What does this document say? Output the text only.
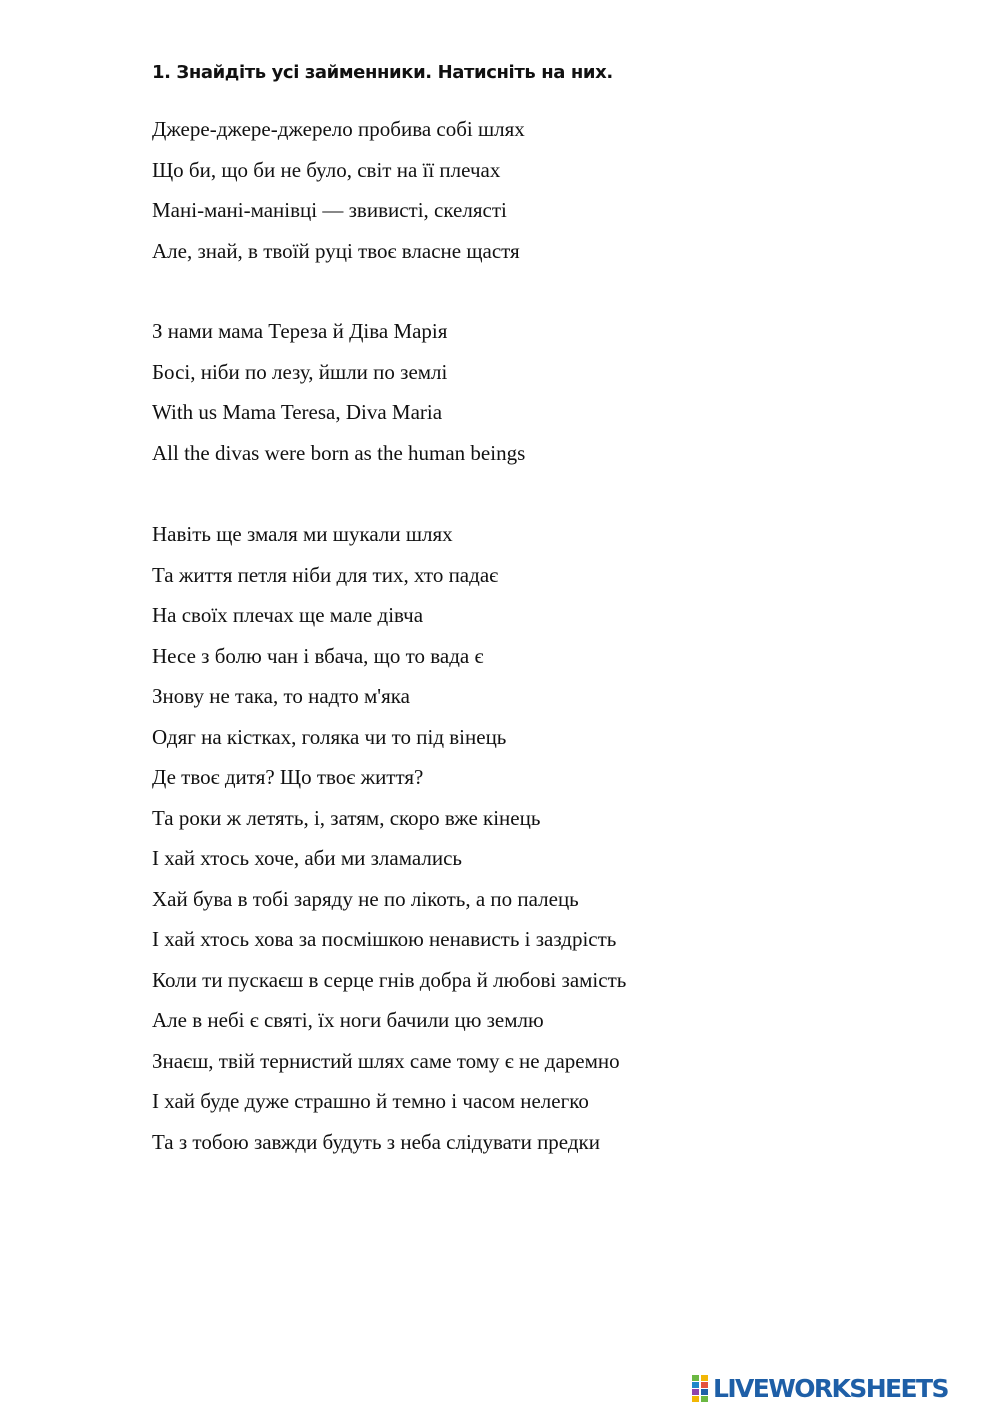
1. Знайдіть усі займенники. Натисніть на них.
Джере-джере-джерело пробива собі шлях
Що би, що би не було, світ на її плечах
Мані-мані-манівці — звивисті, скелясті
Але, знай, в твоїй руці твоє власне щастя
З нами мама Тереза й Діва Марія
Босі, ніби по лезу, йшли по землі
With us Mama Teresa, Diva Maria
All the divas were born as the human beings
Навіть ще змаля ми шукали шлях
Та життя петля ніби для тих, хто падає
На своїх плечах ще мале дівча
Несе з болю чан і вбача, що то вада є
Знову не така, то надто м'яка
Одяг на кістках, голяка чи то під вінець
Де твоє дитя? Що твоє життя?
Та роки ж летять, і, затям, скоро вже кінець
І хай хтось хоче, аби ми зламались
Хай бува в тобі заряду не по лікоть, а по палець
І хай хтось хова за посмішкою ненависть і заздрість
Коли ти пускаєш в серце гнів добра й любові замість
Але в небі є святі, їх ноги бачили цю землю
Знаєш, твій тернистий шлях саме тому є не даремно
І хай буде дуже страшно й темно і часом нелегко
Та з тобою завжди будуть з неба слідувати предки
LIVEWORKSHEETS
